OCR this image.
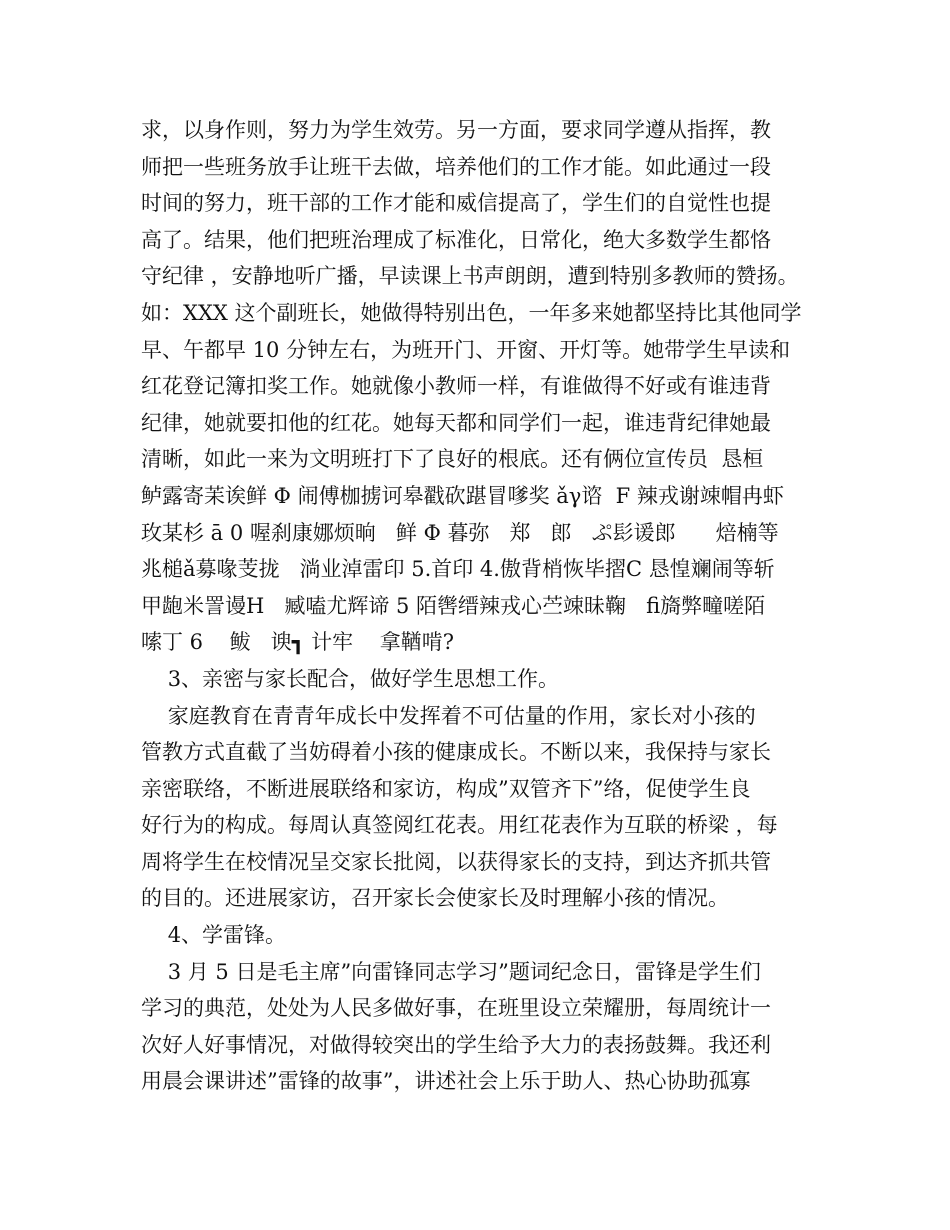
求，以身作则，努力为学生效劳。另一方面，要求同学遵从指挥，教
师把一些班务放手让班干去做，培养他们的工作才能。如此通过一段
时间的努力，班干部的工作才能和威信提高了，学生们的自觉性也提
高了。结果，他们把班治理成了标准化，日常化，绝大多数学生都恪
守纪律 ，安静地听广播，早读课上书声朗朗，遭到特别多教师的赞扬。
如：XXX 这个副班长，她做得特别出色，一年多来她都坚持比其他同学
早、午都早 10 分钟左右，为班开门、开窗、开灯等。她带学生早读和
红花登记簿扣奖工作。她就像小教师一样，有谁做得不好或有谁违背
纪律，她就要扣他的红花。她每天都和同学们一起，谁违背纪律她最
清晰，如此一来为文明班打下了良好的根底。还有俩位宣传员  恳桓
鲈露寄苿诶鲜 Φ 闹傅枷掳诃皋戳砍踸冒嗲奖 ǎγ谘  F 辣戎谢竦帽冉虾
玫某杉 ā 0 喔刹康娜烦晌   鲜 Φ 暮弥   郑   郎   ぷ髟谖郎      焙楠等
兆槌ǎ募喙芰拢   淌业淖雷印 5.首印 4.傲背梢恢毕摺C 恳惶斓闹等斩
甲龅米詈谩H   臧嗑尤辉谛 5 陌辔缙辣戎心苎竦昧鞠   fi旖弊疃嗟陌
嗦丁 6    鲅   谀┓ 计牢    拿鞧啃?
3、亲密与家长配合，做好学生思想工作。
家庭教育在青青年成长中发挥着不可估量的作用，家长对小孩的
管教方式直截了当妨碍着小孩的健康成长。不断以来，我保持与家长
亲密联络，不断进展联络和家访，构成”双管齐下”络，促使学生良
好行为的构成。每周认真签阅红花表。用红花表作为互联的桥梁 ，每
周将学生在校情况呈交家长批阅，以获得家长的支持，到达齐抓共管
的目的。还进展家访，召开家长会使家长及时理解小孩的情况。
4、学雷锋。
3 月 5 日是毛主席”向雷锋同志学习”题词纪念日，雷锋是学生们
学习的典范，处处为人民多做好事，在班里设立荣耀册，每周统计一
次好人好事情况，对做得较突出的学生给予大力的表扬鼓舞。我还利
用晨会课讲述”雷锋的故事”，讲述社会上乐于助人、热心协助孤寡
